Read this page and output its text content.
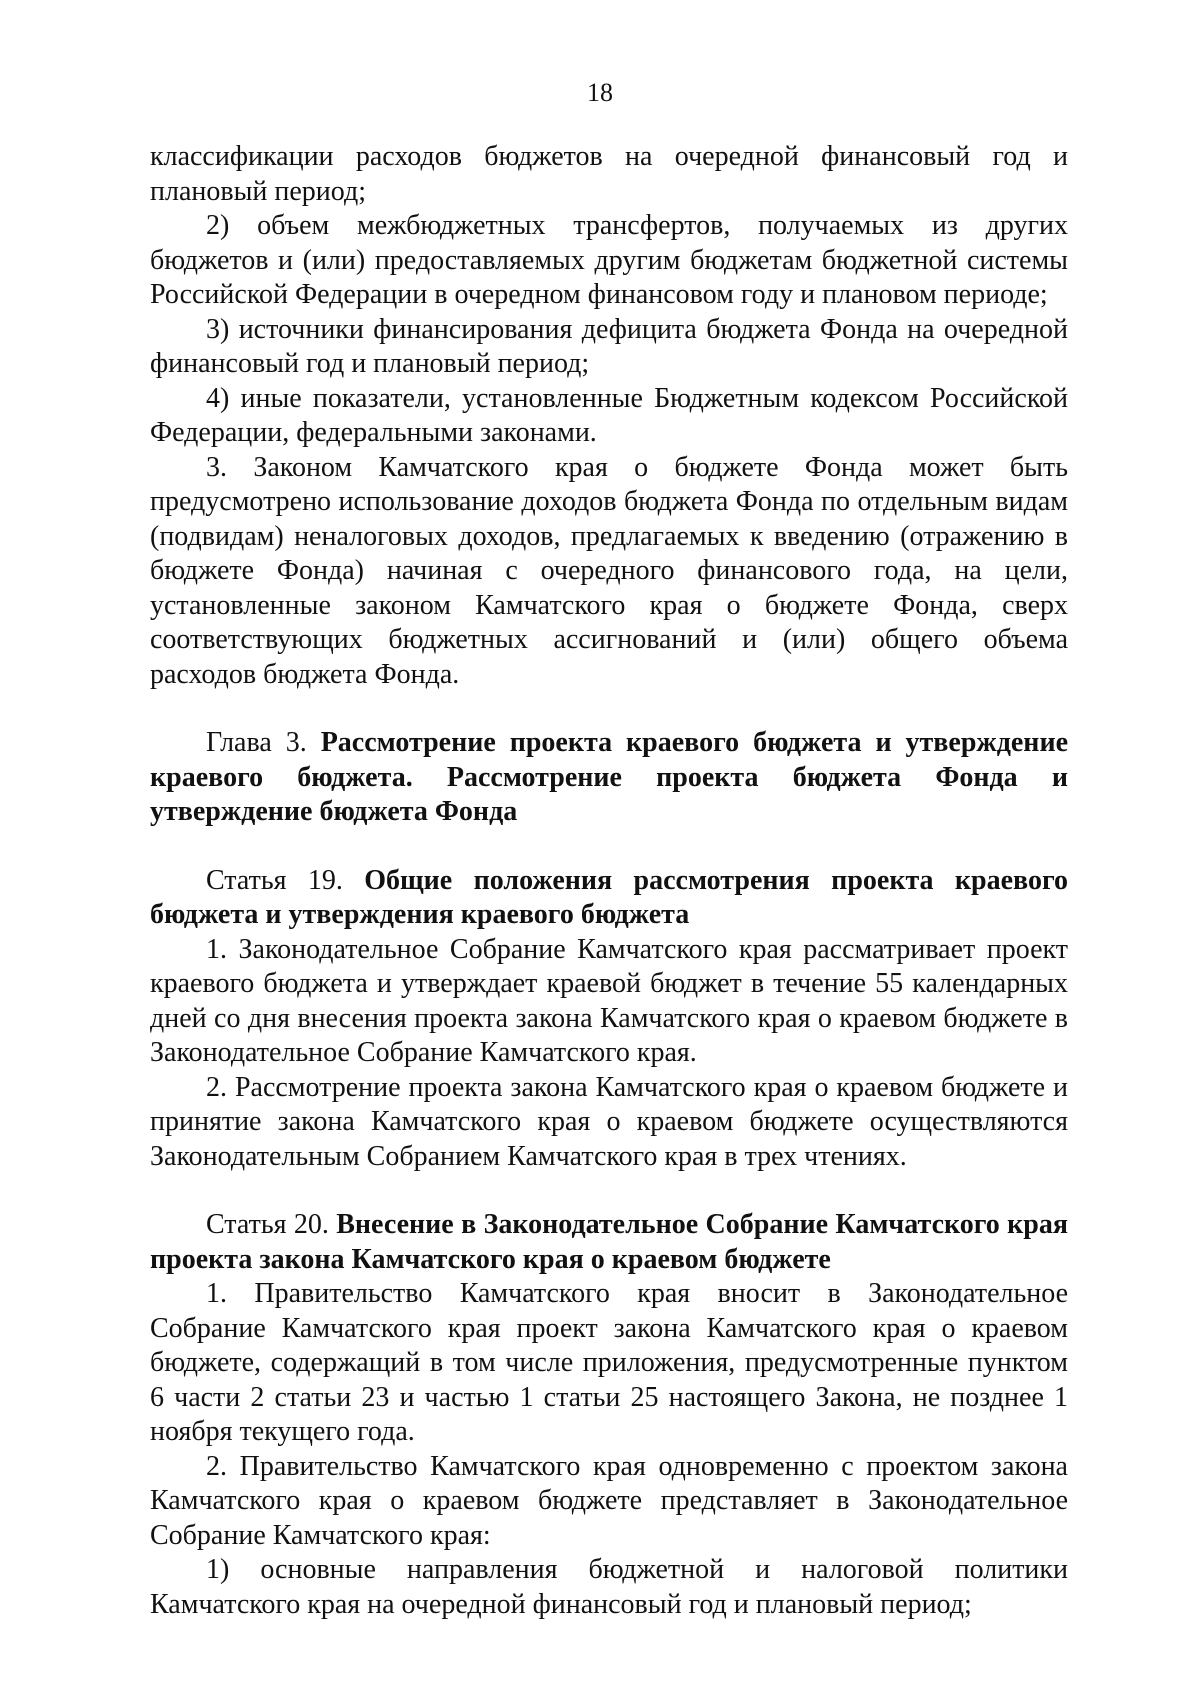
18

классификации расходов бюджетов на очередной финансовый год и плановый период;

2) объем межбюджетных трансфертов, получаемых из других бюджетов и (или) предоставляемых другим бюджетам бюджетной системы Российской Федерации в очередном финансовом году и плановом периоде;

3) источники финансирования дефицита бюджета Фонда на очередной финансовый год и плановый период;

4) иные показатели, установленные Бюджетным кодексом Российской Федерации, федеральными законами.

3. Законом Камчатского края о бюджете Фонда может быть предусмотрено использование доходов бюджета Фонда по отдельным видам (подвидам) неналоговых доходов, предлагаемых к введению (отражению в бюджете Фонда) начиная с очередного финансового года, на цели, установленные законом Камчатского края о бюджете Фонда, сверх соответствующих бюджетных ассигнований и (или) общего объема расходов бюджета Фонда.

Глава 3. Рассмотрение проекта краевого бюджета и утверждение краевого бюджета. Рассмотрение проекта бюджета Фонда и утверждение бюджета Фонда

Статья 19. Общие положения рассмотрения проекта краевого бюджета и утверждения краевого бюджета

1. Законодательное Собрание Камчатского края рассматривает проект краевого бюджета и утверждает краевой бюджет в течение 55 календарных дней со дня внесения проекта закона Камчатского края о краевом бюджете в Законодательное Собрание Камчатского края.

2. Рассмотрение проекта закона Камчатского края о краевом бюджете и принятие закона Камчатского края о краевом бюджете осуществляются Законодательным Собранием Камчатского края в трех чтениях.

Статья 20. Внесение в Законодательное Собрание Камчатского края проекта закона Камчатского края о краевом бюджете

1. Правительство Камчатского края вносит в Законодательное Собрание Камчатского края проект закона Камчатского края о краевом бюджете, содержащий в том числе приложения, предусмотренные пунктом 6 части 2 статьи 23 и частью 1 статьи 25 настоящего Закона, не позднее 1 ноября текущего года.

2. Правительство Камчатского края одновременно с проектом закона Камчатского края о краевом бюджете представляет в Законодательное Собрание Камчатского края:

1) основные направления бюджетной и налоговой политики Камчатского края на очередной финансовый год и плановый период;
